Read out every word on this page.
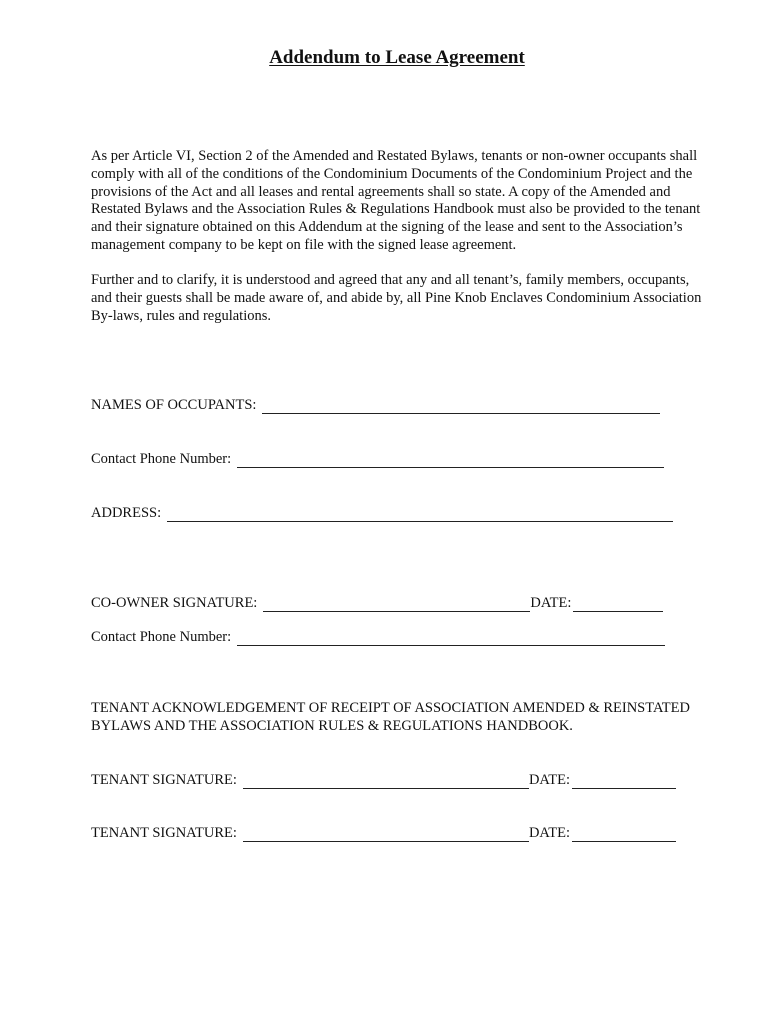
Addendum to Lease Agreement

As per Article VI, Section 2 of the Amended and Restated Bylaws, tenants or non-owner occupants shall comply with all of the conditions of the Condominium Documents of the Condominium Project and the provisions of the Act and all leases and rental agreements shall so state. A copy of the Amended and Restated Bylaws and the Association Rules & Regulations Handbook must also be provided to the tenant and their signature obtained on this Addendum at the signing of the lease and sent to the Association’s management company to be kept on file with the signed lease agreement.

Further and to clarify, it is understood and agreed that any and all tenant’s, family members, occupants, and their guests shall be made aware of, and abide by, all Pine Knob Enclaves Condominium Association By-laws, rules and regulations.

NAMES OF OCCUPANTS:
Contact Phone Number:
ADDRESS:
CO-OWNER SIGNATURE:	DATE:
Contact Phone Number:

TENANT ACKNOWLEDGEMENT OF RECEIPT OF ASSOCIATION AMENDED & REINSTATED BYLAWS AND THE ASSOCIATION RULES & REGULATIONS HANDBOOK.

TENANT SIGNATURE:	DATE:
TENANT SIGNATURE:	DATE:
